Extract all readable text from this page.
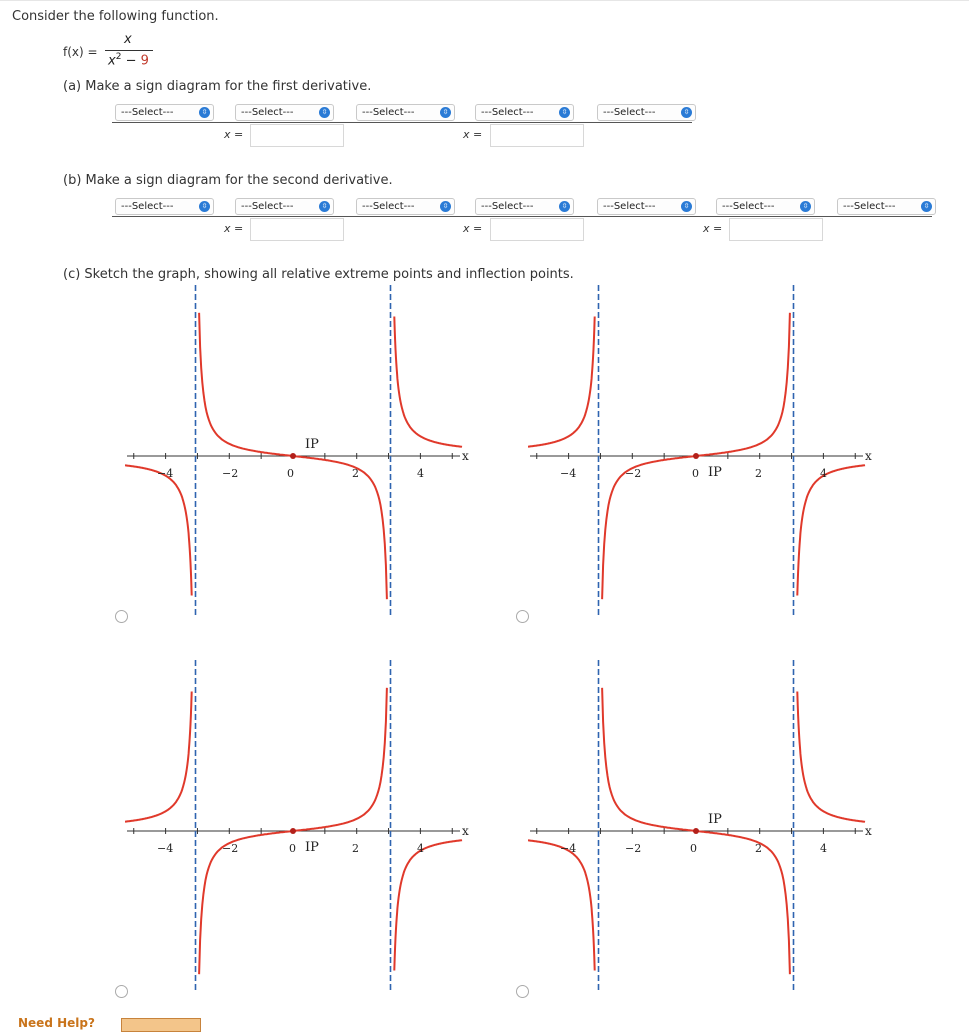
Consider the following function.
f(x) =
x
$x^2 - 9$
(a) Make a sign diagram for the first derivative.
---Select---	⇳	---Select---	⇳	---Select---	⇳	---Select---	⇳	---Select---	⇳
x =	x =
(b) Make a sign diagram for the second derivative.
---Select---	⇳	---Select---	⇳	---Select---	⇳	---Select---	⇳	---Select---	⇳	---Select---	⇳	---Select---	⇳
x =	x =	x =
(c) Sketch the graph, showing all relative extreme points and inflection points.
−4	−2	0	2	4
IP
x
−4	−2	0	2	4
IP
x
−4	−2	0	2	4
IP
x
−4	−2	0	2	4
IP
x
Need Help?
